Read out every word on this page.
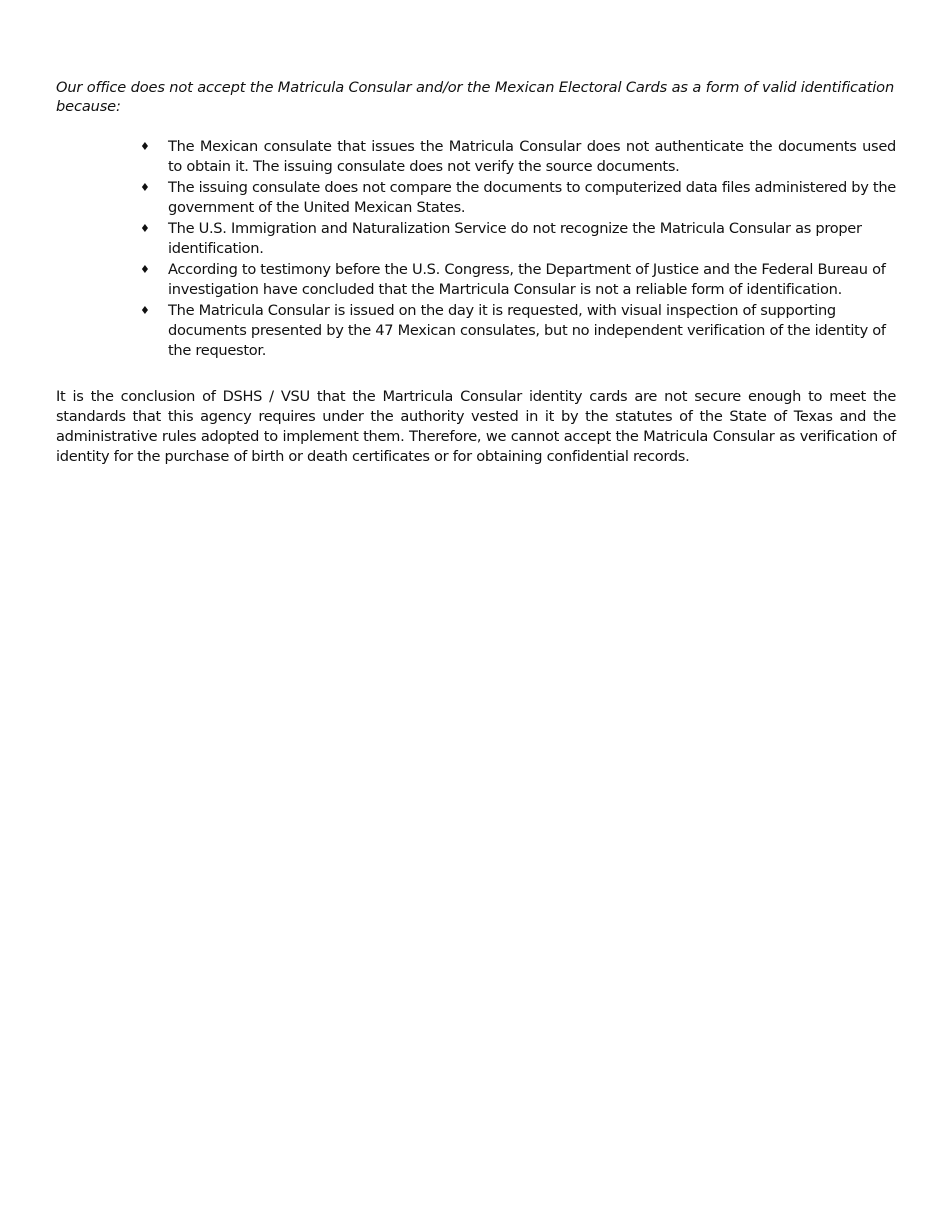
Our office does not accept the Matricula Consular and/or the Mexican Electoral Cards as a form of valid identification because:

♦ The Mexican consulate that issues the Matricula Consular does not authenticate the documents used to obtain it. The issuing consulate does not verify the source documents.
♦ The issuing consulate does not compare the documents to computerized data files administered by the government of the United Mexican States.
♦ The U.S. Immigration and Naturalization Service do not recognize the Matricula Consular as proper identification.
♦ According to testimony before the U.S. Congress, the Department of Justice and the Federal Bureau of investigation have concluded that the Martricula Consular is not a reliable form of identification.
♦ The Matricula Consular is issued on the day it is requested, with visual inspection of supporting documents presented by the 47 Mexican consulates, but no independent verification of the identity of the requestor.

It is the conclusion of DSHS / VSU that the Martricula Consular identity cards are not secure enough to meet the standards that this agency requires under the authority vested in it by the statutes of the State of Texas and the administrative rules adopted to implement them. Therefore, we cannot accept the Matricula Consular as verification of identity for the purchase of birth or death certificates or for obtaining confidential records.
